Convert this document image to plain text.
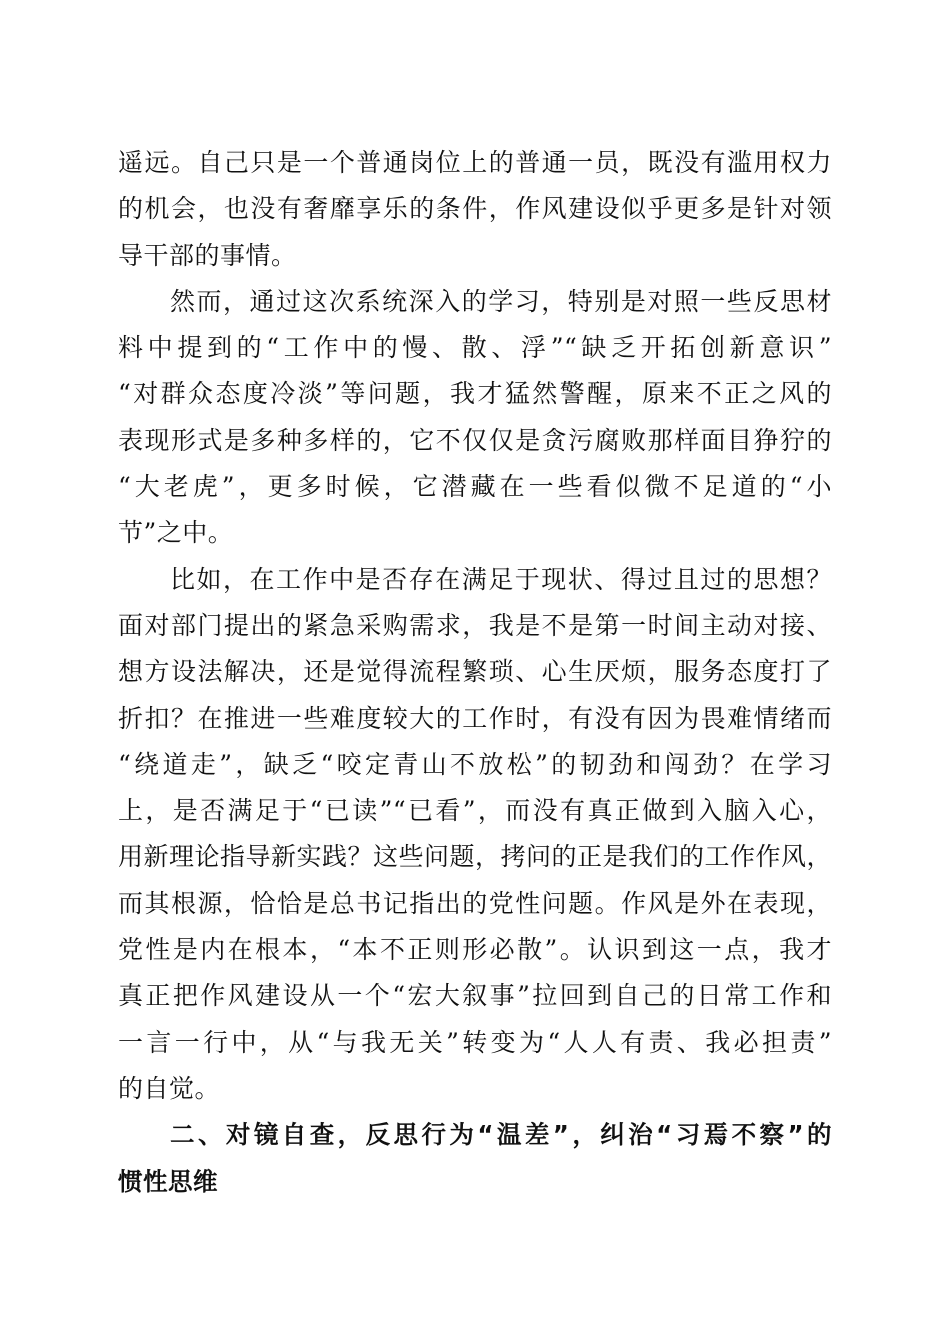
遥远。自己只是一个普通岗位上的普通一员，既没有滥用权力
的机会，也没有奢靡享乐的条件，作风建设似乎更多是针对领
导干部的事情。
然而，通过这次系统深入的学习，特别是对照一些反思材
料中提到的“工作中的慢、散、浮”“缺乏开拓创新意识”
“对群众态度冷淡”等问题，我才猛然警醒，原来不正之风的
表现形式是多种多样的，它不仅仅是贪污腐败那样面目狰狞的
“大老虎”，更多时候，它潜藏在一些看似微不足道的“小
节”之中。
比如，在工作中是否存在满足于现状、得过且过的思想？
面对部门提出的紧急采购需求，我是不是第一时间主动对接、
想方设法解决，还是觉得流程繁琐、心生厌烦，服务态度打了
折扣？在推进一些难度较大的工作时，有没有因为畏难情绪而
“绕道走”，缺乏“咬定青山不放松”的韧劲和闯劲？在学习
上，是否满足于“已读”“已看”，而没有真正做到入脑入心，
用新理论指导新实践？这些问题，拷问的正是我们的工作作风，
而其根源，恰恰是总书记指出的党性问题。作风是外在表现，
党性是内在根本，“本不正则形必散”。认识到这一点，我才
真正把作风建设从一个“宏大叙事”拉回到自己的日常工作和
一言一行中，从“与我无关”转变为“人人有责、我必担责”
的自觉。
二、对镜自查，反思行为“温差”，纠治“习焉不察”的
惯性思维
